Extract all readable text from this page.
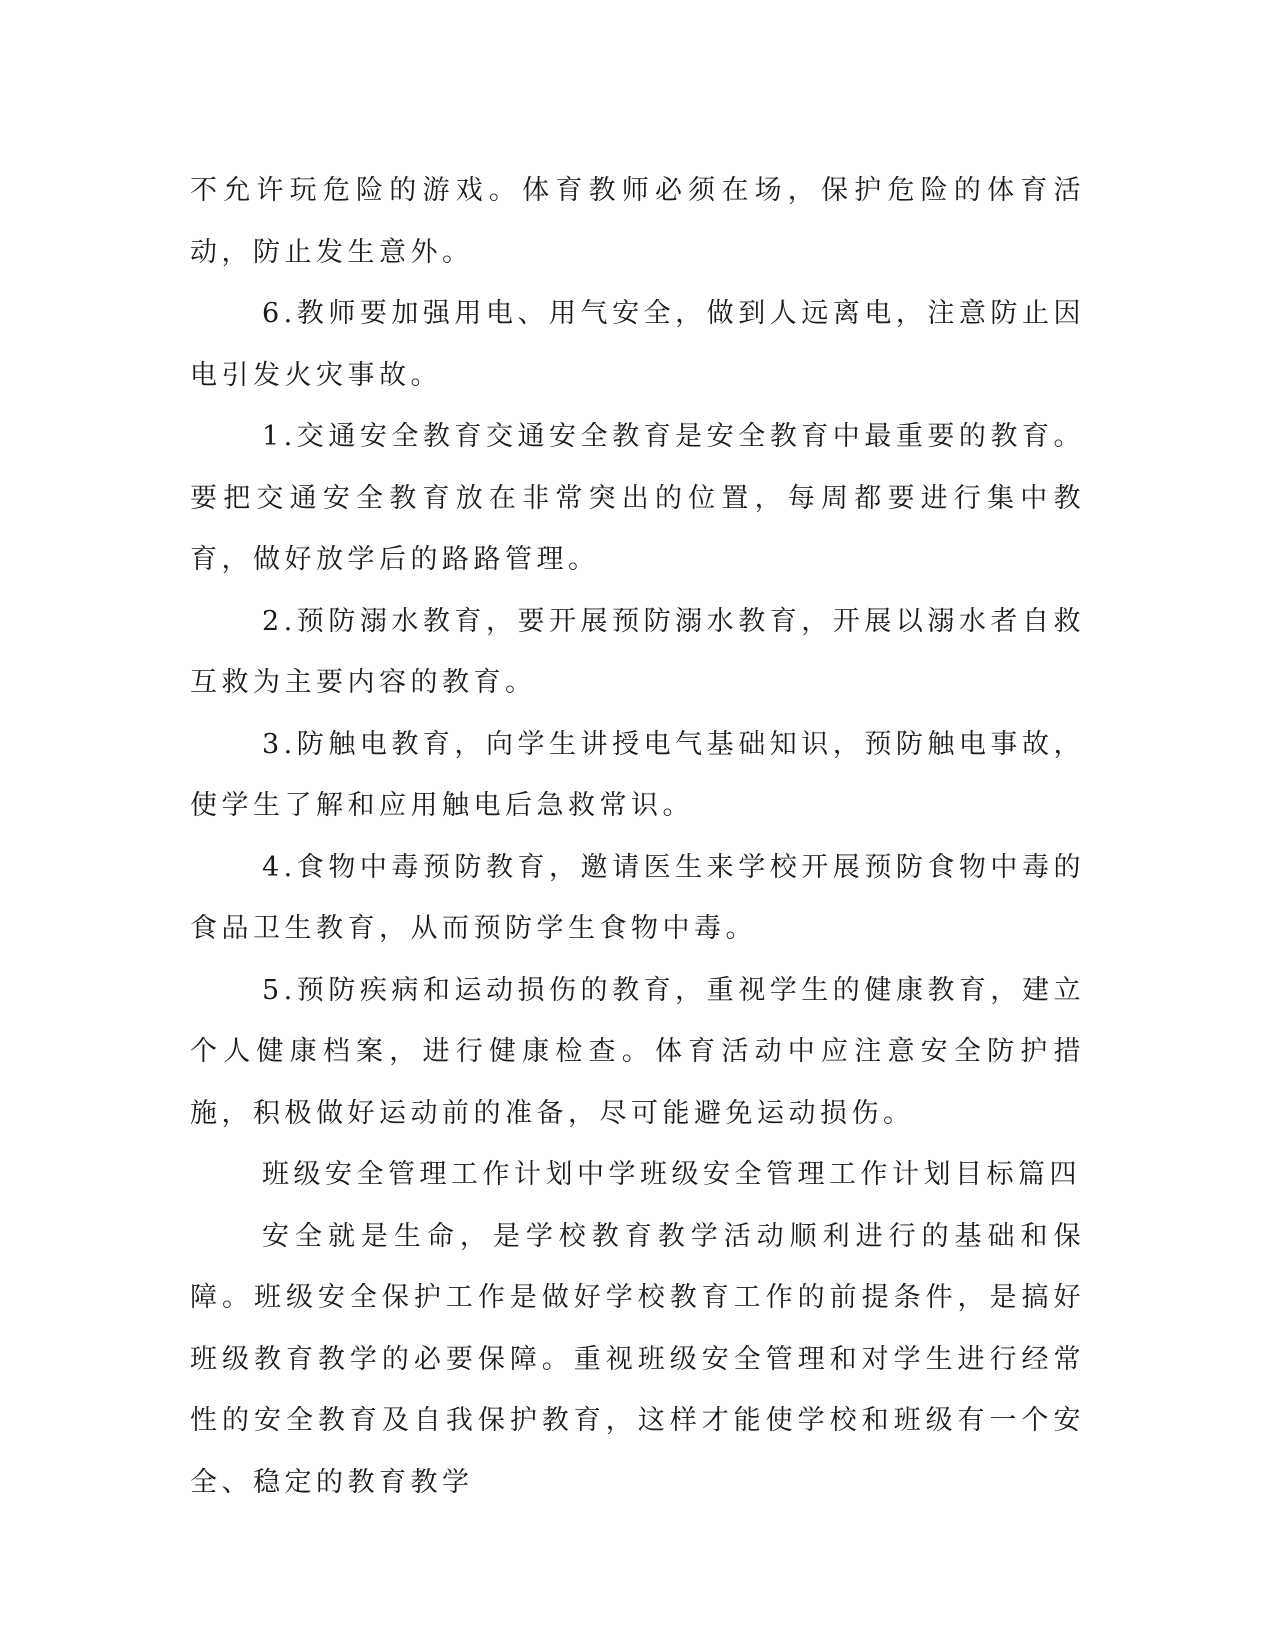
不允许玩危险的游戏。体育教师必须在场，保护危险的体育活动，防止发生意外。

6.教师要加强用电、用气安全，做到人远离电，注意防止因电引发火灾事故。

1.交通安全教育交通安全教育是安全教育中最重要的教育。要把交通安全教育放在非常突出的位置，每周都要进行集中教育，做好放学后的路路管理。

2.预防溺水教育，要开展预防溺水教育，开展以溺水者自救互救为主要内容的教育。

3.防触电教育，向学生讲授电气基础知识，预防触电事故，使学生了解和应用触电后急救常识。

4.食物中毒预防教育，邀请医生来学校开展预防食物中毒的食品卫生教育，从而预防学生食物中毒。

5.预防疾病和运动损伤的教育，重视学生的健康教育，建立个人健康档案，进行健康检查。体育活动中应注意安全防护措施，积极做好运动前的准备，尽可能避免运动损伤。

班级安全管理工作计划中学班级安全管理工作计划目标篇四

安全就是生命，是学校教育教学活动顺利进行的基础和保障。班级安全保护工作是做好学校教育工作的前提条件，是搞好班级教育教学的必要保障。重视班级安全管理和对学生进行经常性的安全教育及自我保护教育，这样才能使学校和班级有一个安全、稳定的教育教学
